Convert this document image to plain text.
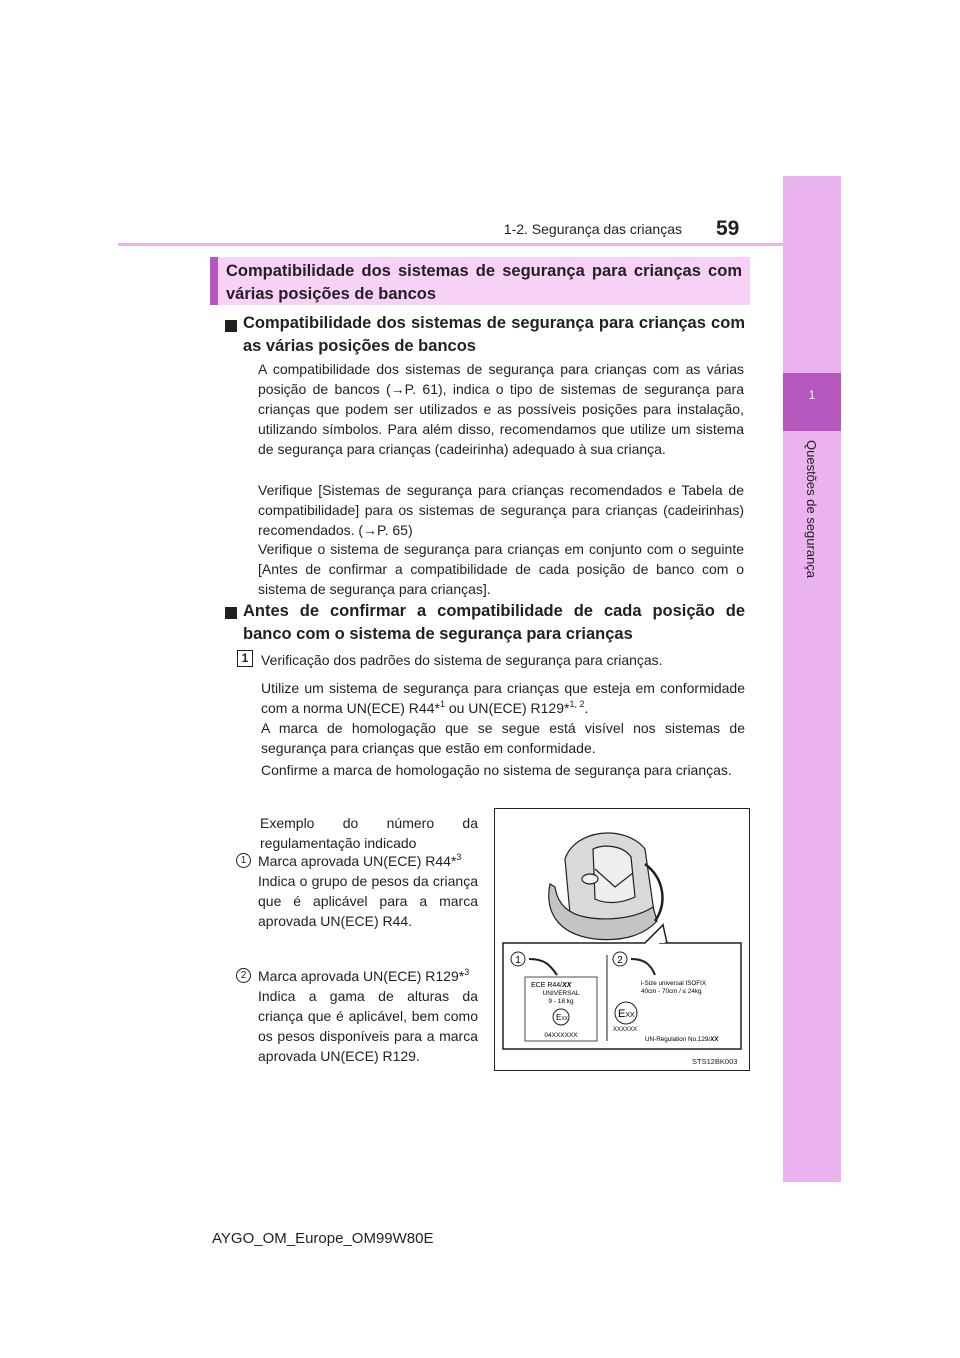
1
Questões de segurança
1-2. Segurança das crianças 59
Compatibilidade dos sistemas de segurança para crianças com várias posições de bancos
Compatibilidade dos sistemas de segurança para crianças com as várias posições de bancos
A compatibilidade dos sistemas de segurança para crianças com as várias posição de bancos (→P. 61), indica o tipo de sistemas de segurança para crianças que podem ser utilizados e as possíveis posições para instalação, utilizando símbolos. Para além disso, recomendamos que utilize um sistema de segurança para crianças (cadeirinha) adequado à sua criança.
Verifique [Sistemas de segurança para crianças recomendados e Tabela de compatibilidade] para os sistemas de segurança para crianças (cadeirinhas) recomendados. (→P. 65)
Verifique o sistema de segurança para crianças em conjunto com o seguinte [Antes de confirmar a compatibilidade de cada posição de banco com o sistema de segurança para crianças].
Antes de confirmar a compatibilidade de cada posição de banco com o sistema de segurança para crianças
1 Verificação dos padrões do sistema de segurança para crianças.
Utilize um sistema de segurança para crianças que esteja em conformidade com a norma UN(ECE) R44*$^1$ ou UN(ECE) R129*$^{1, 2}$.
A marca de homologação que se segue está visível nos sistemas de segurança para crianças que estão em conformidade.
Confirme a marca de homologação no sistema de segurança para crianças.
Exemplo do número da regulamentação indicado
1 Marca aprovada UN(ECE) R44*$^3$
Indica o grupo de pesos da criança que é aplicável para a marca aprovada UN(ECE) R44.
2 Marca aprovada UN(ECE) R129*$^3$
Indica a gama de alturas da criança que é aplicável, bem como os pesos disponíveis para a marca aprovada UN(ECE) R129.
1	2
ECE R44/XX
UNIVERSAL
9 - 18 kg
EXX
04XXXXXX
i-Size universal ISOFIX
40cm - 70cm / ≤ 24kg
EXX
XXXXXX
UN-Regulation No.129/XX
STS12BK003
AYGO_OM_Europe_OM99W80E
